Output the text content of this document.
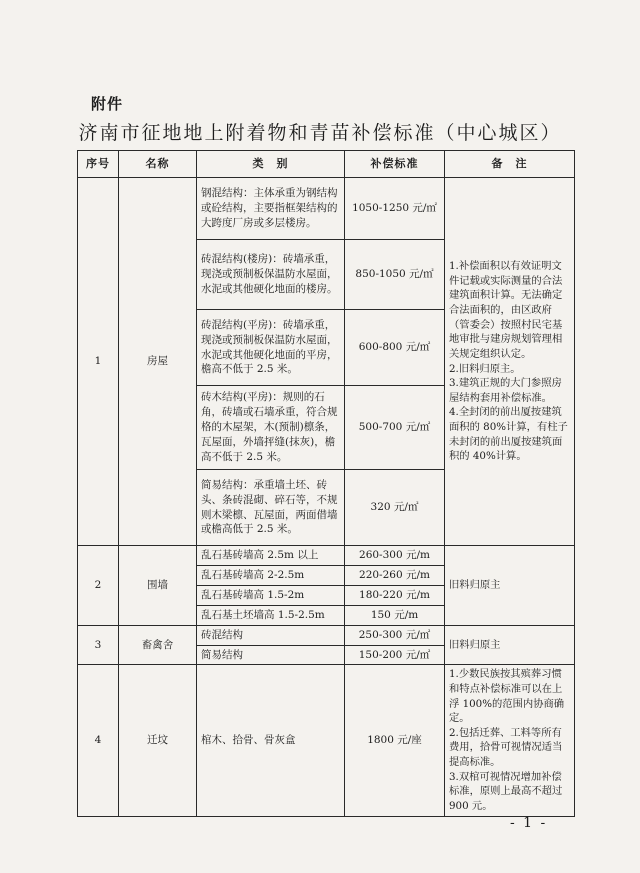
附件
济南市征地地上附着物和青苗补偿标准（中心城区）
序号	名称	类　别	补偿标准	备　注
1	房屋	钢混结构：主体承重为钢结构或砼结构，主要指框架结构的大跨度厂房或多层楼房。	1050-1250 元/㎡	1.补偿面积以有效证明文件记载或实际测量的合法建筑面积计算。无法确定合法面积的，由区政府（管委会）按照村民宅基地审批与建房规划管理相关规定组织认定。
2.旧料归原主。
3.建筑正规的大门参照房屋结构套用补偿标准。
4.全封闭的前出厦按建筑面积的 80%计算，有柱子未封闭的前出厦按建筑面积的 40%计算。

		砖混结构(楼房)：砖墙承重，现浇或预制板保温防水屋面，水泥或其他硬化地面的楼房。	850-1050 元/㎡	
		砖混结构(平房)：砖墙承重，现浇或预制板保温防水屋面，水泥或其他硬化地面的平房，檐高不低于 2.5 米。	600-800 元/㎡	
		砖木结构(平房)：规则的石角，砖墙或石墙承重，符合规格的木屋架，木(预制)檩条，瓦屋面，外墙抨缝(抹灰)，檐高不低于 2.5 米。	500-700 元/㎡	
		简易结构：承重墙土坯、砖头、条砖混砌、碎石等，不规则木梁檩、瓦屋面，两面借墙或檐高低于 2.5 米。	320 元/㎡	
2	围墙	乱石基砖墙高 2.5m 以上	260-300 元/m	旧料归原主

		乱石基砖墙高 2-2.5m	220-260 元/m	
		乱石基砖墙高 1.5-2m	180-220 元/m	
		乱石基土坯墙高 1.5-2.5m	150 元/m	
3	畜禽舍	砖混结构	250-300 元/㎡	旧料归原主

		简易结构	150-200 元/㎡	
4	迁坟	棺木、拾骨、骨灰盒	1800 元/座	1.少数民族按其殡葬习惯和特点补偿标准可以在上浮 100%的范围内协商确定。
2.包括迁葬、工料等所有费用，拾骨可视情况适当提高标准。
3.双棺可视情况增加补偿标准，原则上最高不超过 900 元。
- 1 -
